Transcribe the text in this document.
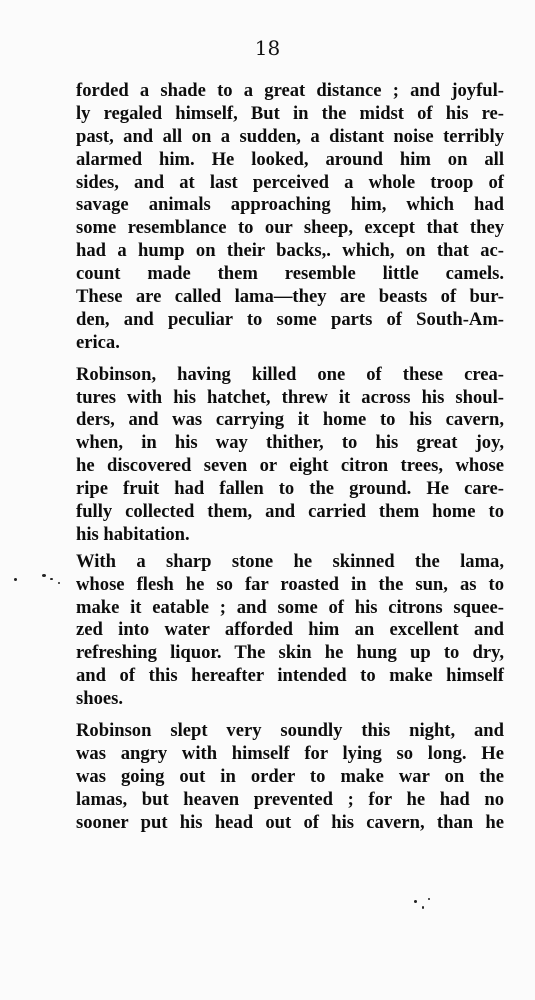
18
forded a shade to a great distance ; and joyful-
ly regaled himself, But in the midst of his re-
past, and all on a sudden, a distant noise terribly
alarmed him. He looked, around him on all
sides, and at last perceived a whole troop of
savage animals approaching him, which had
some resemblance to our sheep, except that they
had a hump on their backs,. which, on that ac-
count made them resemble little camels.
These are called lama—they are beasts of bur-
den, and peculiar to some parts of South-Am-
erica.
Robinson, having killed one of these crea-
tures with his hatchet, threw it across his shoul-
ders, and was carrying it home to his cavern,
when, in his way thither, to his great joy,
he discovered seven or eight citron trees, whose
ripe fruit had fallen to the ground. He care-
fully collected them, and carried them home to
his habitation.
With a sharp stone he skinned the lama,
whose flesh he so far roasted in the sun, as to
make it eatable ; and some of his citrons squee-
zed into water afforded him an excellent and
refreshing liquor. The skin he hung up to dry,
and of this hereafter intended to make himself
shoes.
Robinson slept very soundly this night, and
was angry with himself for lying so long. He
was going out in order to make war on the
lamas, but heaven prevented ; for he had no
sooner put his head out of his cavern, than he
